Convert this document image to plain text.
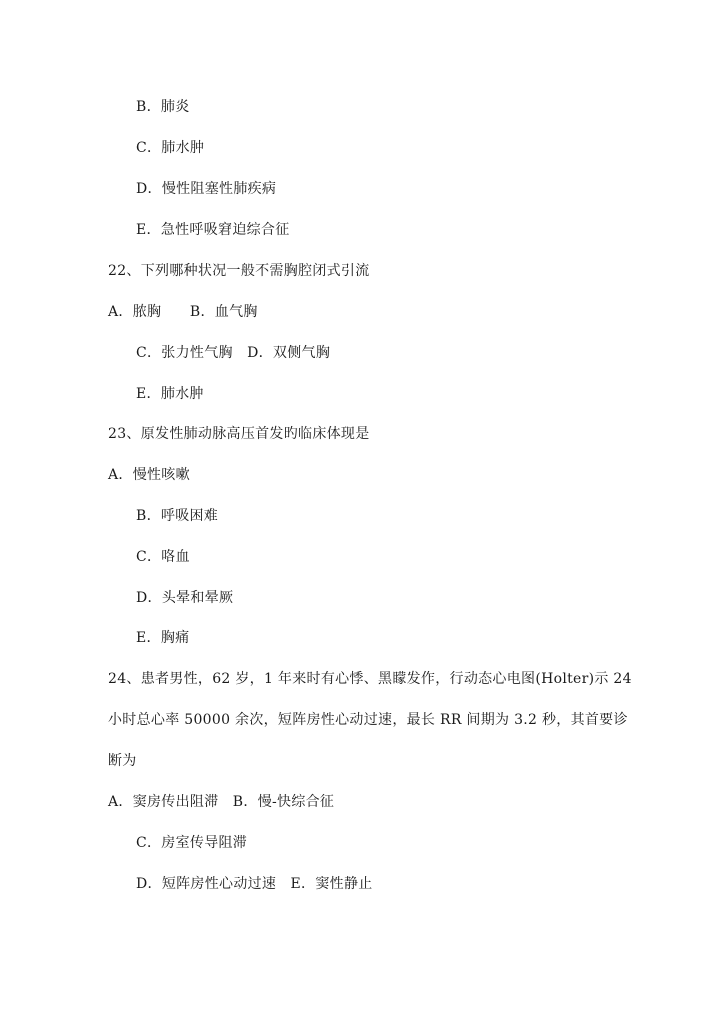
B．肺炎
C．肺水肿
D．慢性阻塞性肺疾病
E．急性呼吸窘迫综合征
22、下列哪种状况一般不需胸腔闭式引流
A．脓胸　　B．血气胸
C．张力性气胸　D．双侧气胸
E．肺水肿
23、原发性肺动脉高压首发旳临床体现是
A．慢性咳嗽
B．呼吸困难
C．咯血
D．头晕和晕厥
E．胸痛
24、患者男性，62 岁，1 年来时有心悸、黑矇发作，行动态心电图(Holter)示 24
小时总心率 50000 余次，短阵房性心动过速，最长 RR 间期为 3.2 秒，其首要诊
断为
A．窦房传出阻滞　B．慢-快综合征
C．房室传导阻滞
D．短阵房性心动过速　E．窦性静止
